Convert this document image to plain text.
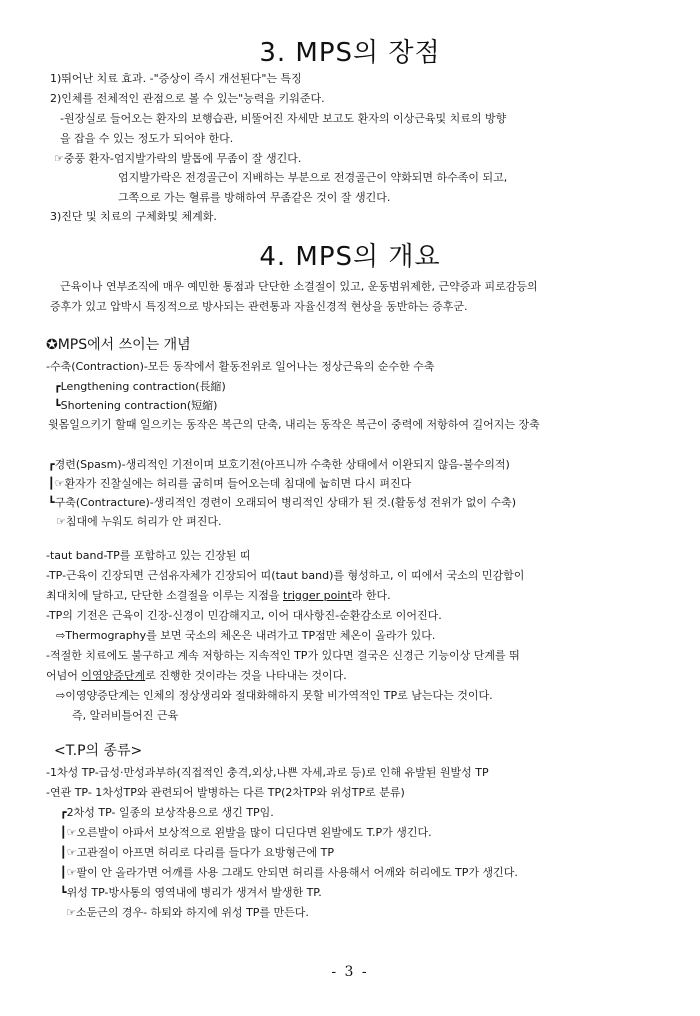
3. MPS의 장점
1)뛰어난 치료 효과. -"증상이 즉시 개선된다"는 특징
2)인체를 전체적인 관점으로 볼 수 있는"능력을 키워준다.
-원장실로 들어오는 환자의 보행습관, 비뚤어진 자세만 보고도 환자의 이상근육및 치료의 방향
을 잡을 수 있는 정도가 되어야 한다.
☞중풍 환자-엄지발가락의 발톱에 무좀이 잘 생긴다.
엄지발가락은 전경골근이 지배하는 부분으로 전경골근이 약화되면 하수족이 되고,
그쪽으로 가는 혈류를 방해하여 무좀같은 것이 잘 생긴다.
3)진단 및 치료의 구체화및 체계화.
4. MPS의 개요
근육이나 연부조직에 매우 예민한 통점과 단단한 소결절이 있고, 운동범위제한, 근약증과 피로감등의
증후가 있고 압박시 특징적으로 방사되는 관련통과 자율신경적 현상을 동반하는 증후군.
✪MPS에서 쓰이는 개념
-수축(Contraction)-모든 동작에서 활동전위로 일어나는 정상근육의 순수한 수축
┏Lengthening contraction(長縮)
┗Shortening contraction(短縮)
윗몸일으키기 할때 일으키는 동작은 복근의 단축, 내리는 동작은 복근이 중력에 저항하여 길어지는 장축
┏경련(Spasm)-생리적인 기전이며 보호기전(아프니까 수축한 상태에서 이완되지 않음-불수의적)
┃☞환자가 진찰실에는 허리를 굽히며 들어오는데 침대에 눕히면 다시 펴진다
┗구축(Contracture)-생리적인 경련이 오래되어 병리적인 상태가 된 것.(활동성 전위가 없이 수축)
☞침대에 누워도 허리가 안 펴진다.
-taut band-TP를 포함하고 있는 긴장된 띠
-TP-근육이 긴장되면 근섬유자체가 긴장되어 띠(taut band)를 형성하고, 이 띠에서 국소의 민감함이
최대치에 달하고, 단단한 소결절을 이루는 지점을 trigger point라 한다.
-TP의 기전은 근육이 긴장-신경이 민감해지고, 이어 대사항진-순환감소로 이어진다.
⇨Thermography를 보면 국소의 체온은 내려가고 TP점만 체온이 올라가 있다.
-적절한 치료에도 불구하고 계속 저항하는 지속적인 TP가 있다면 결국은 신경근 기능이상 단계를 뛰
어넘어 이영양증단계로 진행한 것이라는 것을 나타내는 것이다.
⇨이영양증단계는 인체의 정상생리와 절대화해하지 못할 비가역적인 TP로 남는다는 것이다.
즉, 알러비틀어진 근육
<T.P의 종류>
-1차성 TP-급성·만성과부하(직접적인 충격,외상,나쁜 자세,과로 등)로 인해 유발된 원발성 TP
-연관 TP- 1차성TP와 관련되어 발병하는 다른 TP(2차TP와 위성TP로 분류)
┏2차성 TP- 일종의 보상작용으로 생긴 TP임.
┃☞오른발이 아파서 보상적으로 왼발을 많이 디딘다면 왼발에도 T.P가 생긴다.
┃☞고관절이 아프면 허리로 다리를 들다가 요방형근에 TP
┃☞팔이 안 올라가면 어깨를 사용 그래도 안되면 허리를 사용해서 어깨와 허리에도 TP가 생긴다.
┗위성 TP-방사통의 영역내에 병리가 생겨서 발생한 TP.
☞소둔근의 경우- 하퇴와 하지에 위성 TP를 만든다.
- 3 -
